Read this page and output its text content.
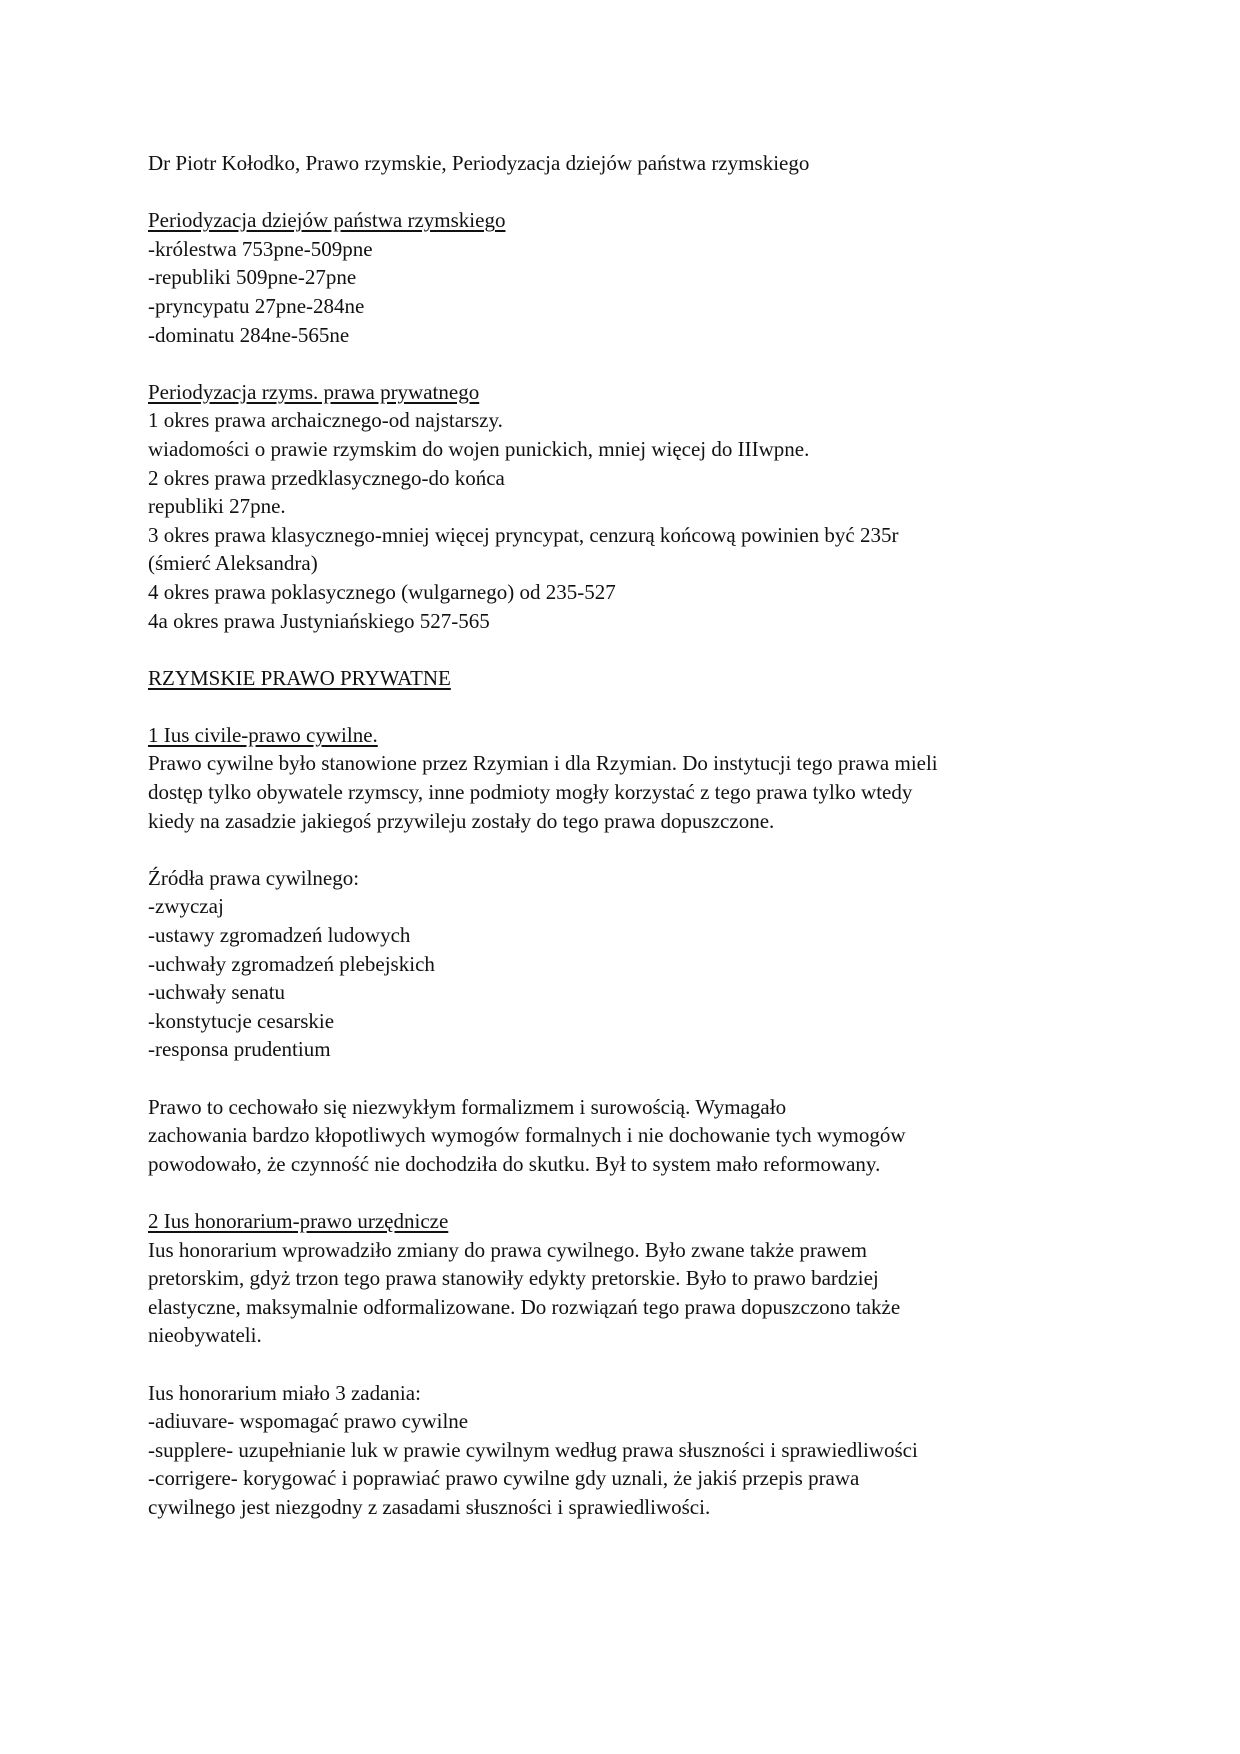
Dr Piotr Kołodko, Prawo rzymskie, Periodyzacja dziejów państwa rzymskiego
Periodyzacja dziejów państwa rzymskiego
-królestwa 753pne-509pne
-republiki 509pne-27pne
-pryncypatu 27pne-284ne
-dominatu 284ne-565ne
Periodyzacja rzyms. prawa prywatnego
1 okres prawa archaicznego-od najstarszy.
wiadomości o prawie rzymskim do wojen punickich, mniej więcej do IIIwpne.
2 okres prawa przedklasycznego-do końca
republiki 27pne.
3 okres prawa klasycznego-mniej więcej pryncypat, cenzurą końcową powinien być 235r
(śmierć Aleksandra)
4 okres prawa poklasycznego (wulgarnego) od 235-527
4a okres prawa Justyniańskiego 527-565
RZYMSKIE PRAWO PRYWATNE
1 Ius civile-prawo cywilne.
Prawo cywilne było stanowione przez Rzymian i dla Rzymian. Do instytucji tego prawa mieli
dostęp tylko obywatele rzymscy, inne podmioty mogły korzystać z tego prawa tylko wtedy
kiedy na zasadzie jakiegoś przywileju zostały do tego prawa dopuszczone.
Źródła prawa cywilnego:
-zwyczaj
-ustawy zgromadzeń ludowych
-uchwały zgromadzeń plebejskich
-uchwały senatu
-konstytucje cesarskie
-responsa prudentium
Prawo to cechowało się niezwykłym formalizmem i surowością. Wymagało
zachowania bardzo kłopotliwych wymogów formalnych i nie dochowanie tych wymogów
powodowało, że czynność nie dochodziła do skutku. Był to system mało reformowany.
2 Ius honorarium-prawo urzędnicze
Ius honorarium wprowadziło zmiany do prawa cywilnego. Było zwane także prawem
pretorskim, gdyż trzon tego prawa stanowiły edykty pretorskie. Było to prawo bardziej
elastyczne, maksymalnie odformalizowane. Do rozwiązań tego prawa dopuszczono także
nieobywateli.
Ius honorarium miało 3 zadania:
-adiuvare- wspomagać prawo cywilne
-supplere- uzupełnianie luk w prawie cywilnym według prawa słuszności i sprawiedliwości
-corrigere- korygować i poprawiać prawo cywilne gdy uznali, że jakiś przepis prawa
cywilnego jest niezgodny z zasadami słuszności i sprawiedliwości.
